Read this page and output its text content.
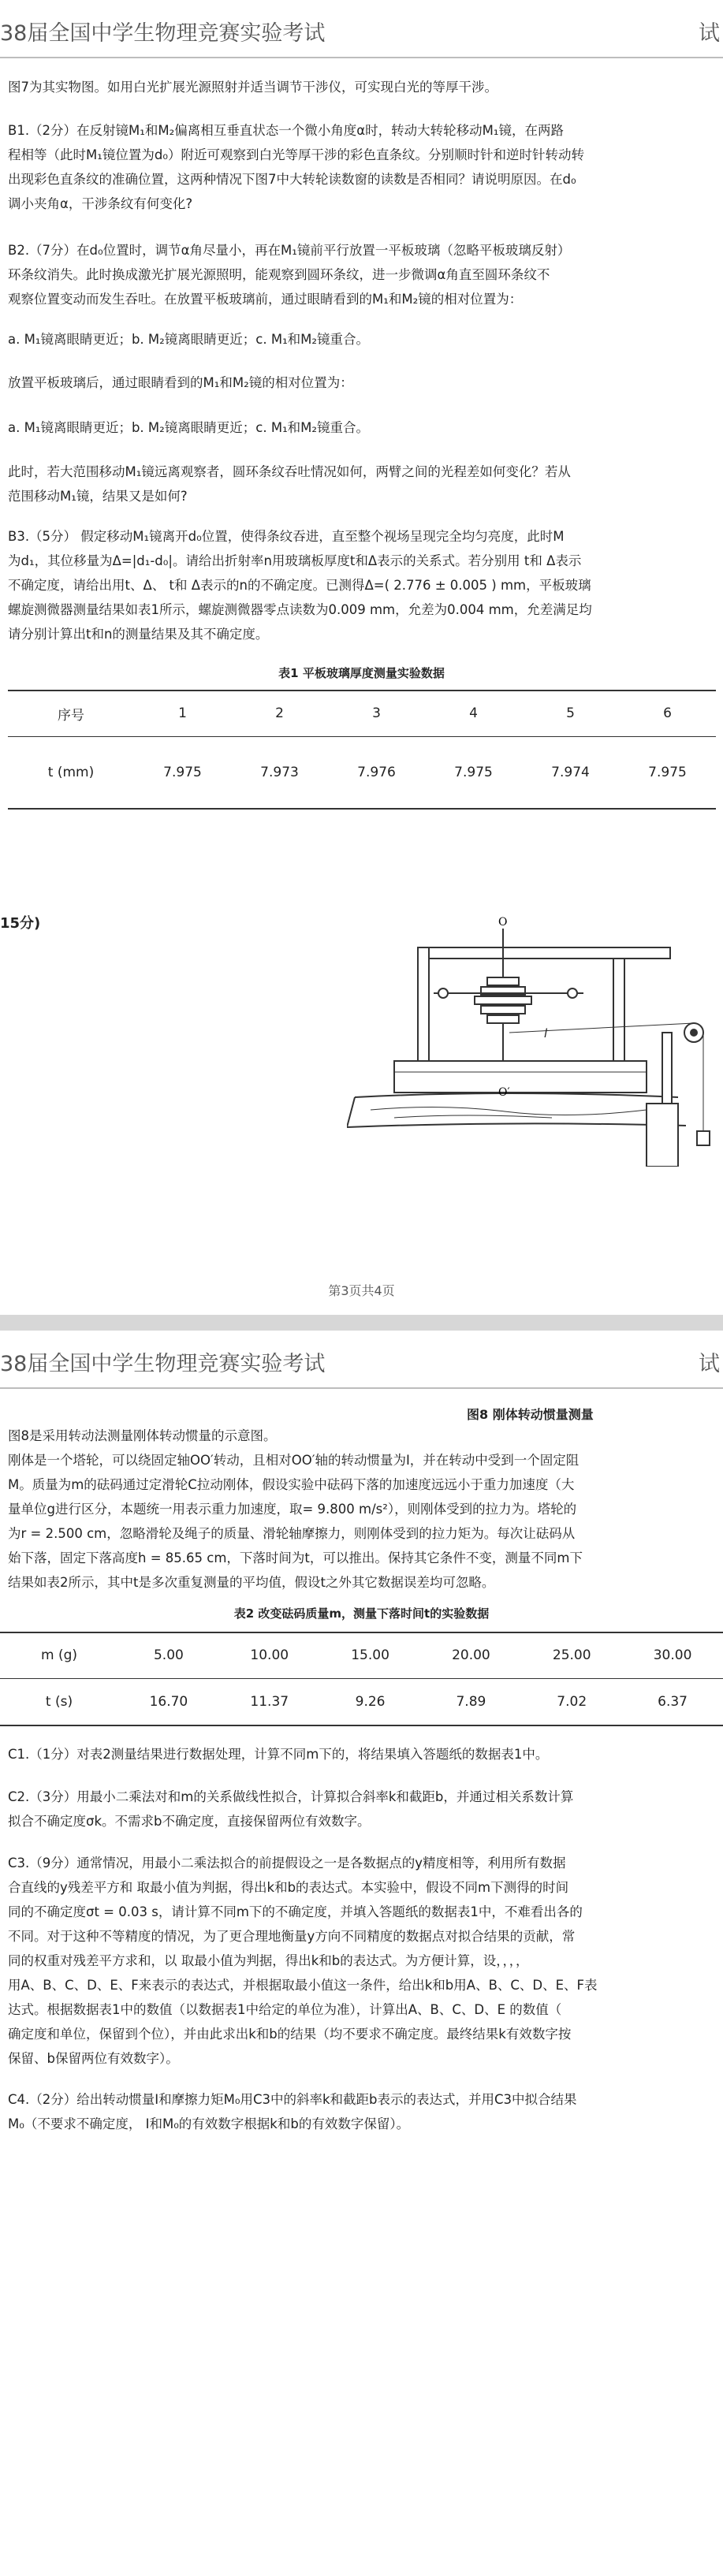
38届全国中学生物理竞赛实验考试	试

图7为其实物图。如用白光扩展光源照射并适当调节干涉仪，可实现白光的等厚干涉。

B1.（2分）在反射镜M₁和M₂偏离相互垂直状态一个微小角度α时，转动大转轮移动M₁镜，在两路

程相等（此时M₁镜位置为d₀）附近可观察到白光等厚干涉的彩色直条纹。分别顺时针和逆时针转动转

出现彩色直条纹的准确位置，这两种情况下图7中大转轮读数窗的读数是否相同？请说明原因。在d₀

调小夹角α，干涉条纹有何变化?

B2.（7分）在d₀位置时，调节α角尽量小，再在M₁镜前平行放置一平板玻璃（忽略平板玻璃反射）

环条纹消失。此时换成激光扩展光源照明，能观察到圆环条纹，进一步微调α角直至圆环条纹不

观察位置变动而发生吞吐。在放置平板玻璃前，通过眼睛看到的M₁和M₂镜的相对位置为：

a. M₁镜离眼睛更近；b. M₂镜离眼睛更近；c. M₁和M₂镜重合。

放置平板玻璃后，通过眼睛看到的M₁和M₂镜的相对位置为：

a. M₁镜离眼睛更近；b. M₂镜离眼睛更近；c. M₁和M₂镜重合。

此时，若大范围移动M₁镜远离观察者，圆环条纹吞吐情况如何，两臂之间的光程差如何变化？若从

范围移动M₁镜，结果又是如何?

B3.（5分） 假定移动M₁镜离开d₀位置，使得条纹吞进，直至整个视场呈现完全均匀亮度，此时M

为d₁，其位移量为Δ=|d₁-d₀|。请给出折射率n用玻璃板厚度t和Δ表示的关系式。若分别用 t和 Δ表示

不确定度，请给出用t、Δ、 t和 Δ表示的n的不确定度。已测得Δ=( 2.776 ± 0.005 ) mm，平板玻璃

螺旋测微器测量结果如表1所示，螺旋测微器零点读数为0.009 mm，允差为0.004 mm，允差满足均

请分别计算出t和n的测量结果及其不确定度。

表1 平板玻璃厚度测量实验数据
序号	1	2	3	4	5	6
t (mm)	7.975	7.973	7.976	7.975	7.974	7.975
15分)	O
O′
l
第3页共4页
38届全国中学生物理竞赛实验考试	试
图8 刚体转动惯量测量

图8是采用转动法测量刚体转动惯量的示意图。

刚体是一个塔轮，可以绕固定轴OO′转动，且相对OO′轴的转动惯量为I，并在转动中受到一个固定阻

M。质量为m的砝码通过定滑轮C拉动刚体，假设实验中砝码下落的加速度远远小于重力加速度（大

量单位g进行区分，本题统一用表示重力加速度，取= 9.800 m/s²），则刚体受到的拉力为。塔轮的

为r = 2.500 cm，忽略滑轮及绳子的质量、滑轮轴摩擦力，则刚体受到的拉力矩为。每次让砝码从

始下落，固定下落高度h = 85.65 cm，下落时间为t，可以推出。保持其它条件不变，测量不同m下

结果如表2所示，其中t是多次重复测量的平均值，假设t之外其它数据误差均可忽略。

表2 改变砝码质量m，测量下落时间t的实验数据
m (g)	5.00	10.00	15.00	20.00	25.00	30.00
t (s)	16.70	11.37	9.26	7.89	7.02	6.37

C1.（1分）对表2测量结果进行数据处理，计算不同m下的，将结果填入答题纸的数据表1中。

C2.（3分）用最小二乘法对和m的关系做线性拟合，计算拟合斜率k和截距b，并通过相关系数计算

拟合不确定度σk。不需求b不确定度，直接保留两位有效数字。

C3.（9分）通常情况，用最小二乘法拟合的前提假设之一是各数据点的y精度相等，利用所有数据

合直线的y残差平方和 取最小值为判据，得出k和b的表达式。本实验中，假设不同m下测得的时间

同的不确定度σt = 0.03 s，请计算不同m下的不确定度，并填入答题纸的数据表1中，不难看出各的

不同。对于这种不等精度的情况，为了更合理地衡量y方向不同精度的数据点对拟合结果的贡献，常

同的权重对残差平方求和，以 取最小值为判据，得出k和b的表达式。为方便计算，设，，，，

用A、B、C、D、E、F来表示的表达式，并根据取最小值这一条件，给出k和b用A、B、C、D、E、F表

达式。根据数据表1中的数值（以数据表1中给定的单位为准），计算出A、B、C、D、E 的数值（

确定度和单位，保留到个位），并由此求出k和b的结果（均不要求不确定度。最终结果k有效数字按

保留、b保留两位有效数字）。

C4.（2分）给出转动惯量I和摩擦力矩M₀用C3中的斜率k和截距b表示的表达式，并用C3中拟合结果

M₀（不要求不确定度， I和M₀的有效数字根据k和b的有效数字保留）。
